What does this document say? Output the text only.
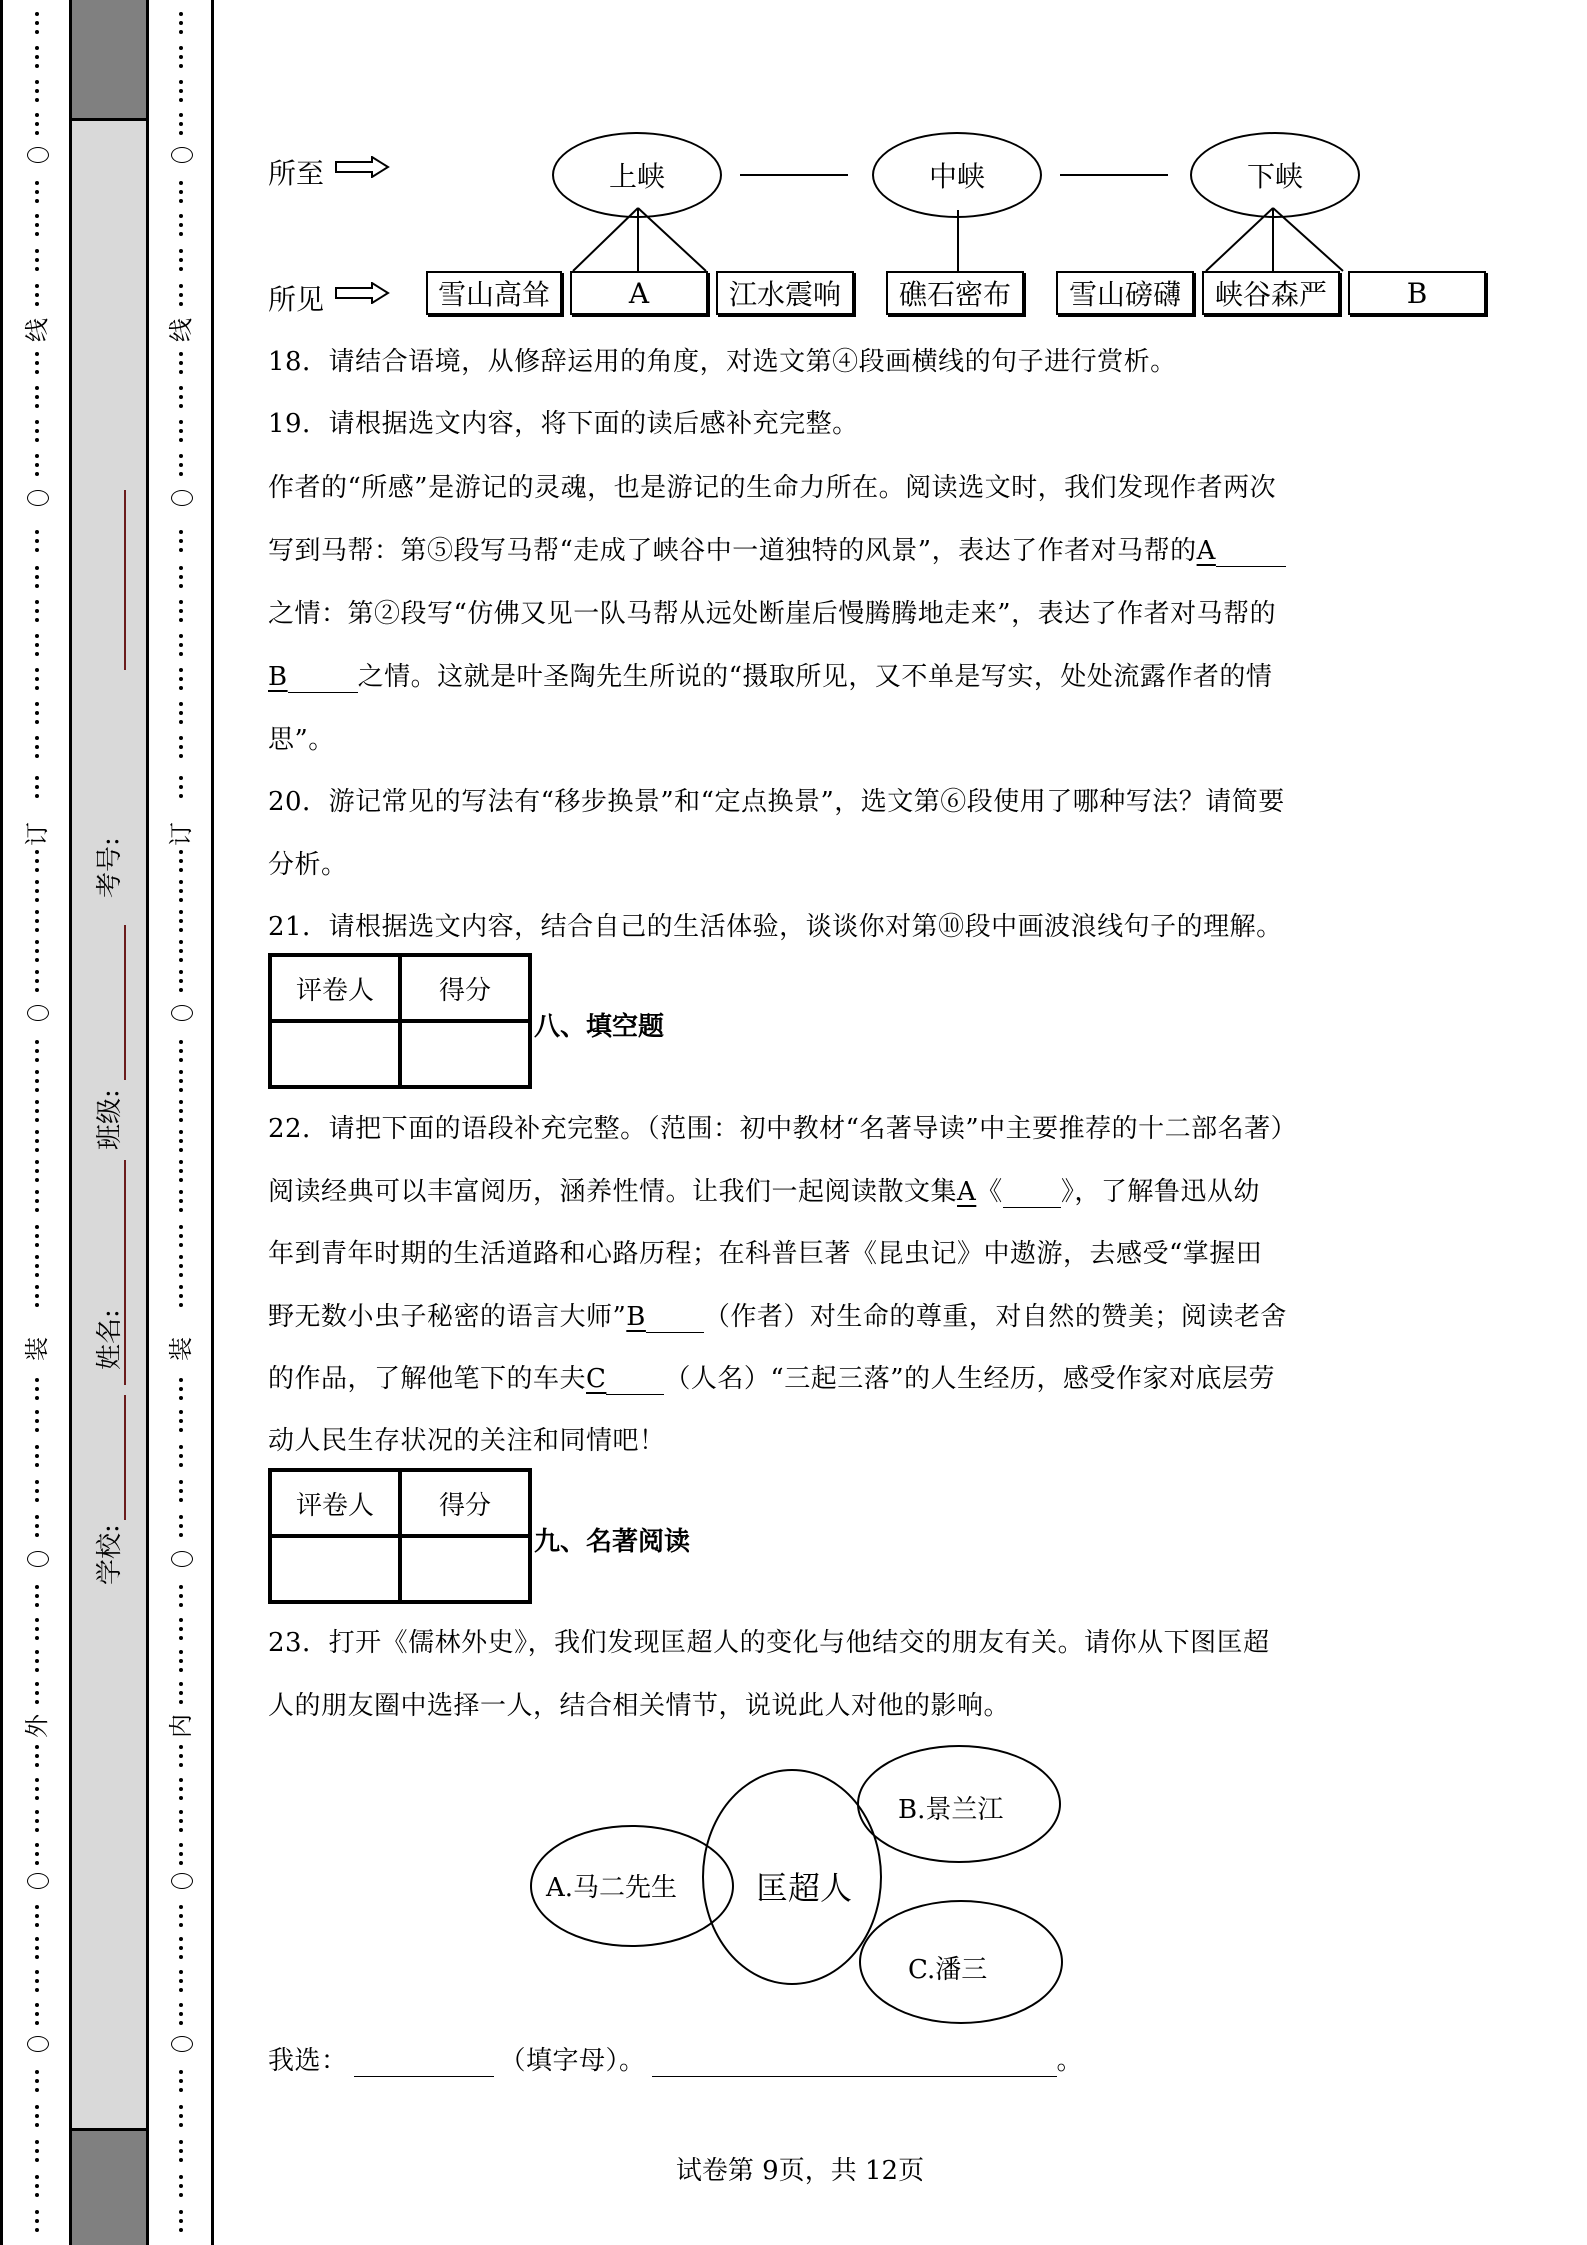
线
订
装
外
考号:
班级:
姓名:
学校:
线
订
装
内
所至
所见
上峡	中峡	下峡
雪山高耸	A	江水震响	礁石密布	雪山磅礴	峡谷森严	B
18．请结合语境，从修辞运用的角度，对选文第④段画横线的句子进行赏析。
19．请根据选文内容，将下面的读后感补充完整。
作者的“所感”是游记的灵魂，也是游记的生命力所在。阅读选文时，我们发现作者两次
写到马帮：第⑤段写马帮“走成了峡谷中一道独特的风景”，表达了作者对马帮的A
之情：第②段写“仿佛又见一队马帮从远处断崖后慢腾腾地走来”，表达了作者对马帮的
B	之情。这就是叶圣陶先生所说的“摄取所见，又不单是写实，处处流露作者的情
思”。
20．游记常见的写法有“移步换景”和“定点换景”，选文第⑥段使用了哪种写法？请简要
分析。
21．请根据选文内容，结合自己的生活体验，谈谈你对第⑩段中画波浪线句子的理解。
22．请把下面的语段补充完整。（范围：初中教材“名著导读”中主要推荐的十二部名著）
阅读经典可以丰富阅历，涵养性情。让我们一起阅读散文集A《 》，了解鲁迅从幼
年到青年时期的生活道路和心路历程；在科普巨著《昆虫记》中遨游，去感受“掌握田
野无数小虫子秘密的语言大师”B （作者）对生命的尊重，对自然的赞美；阅读老舍
的作品，了解他笔下的车夫C （人名）“三起三落”的人生经历，感受作家对底层劳
动人民生存状况的关注和同情吧！
23．打开《儒林外史》，我们发现匡超人的变化与他结交的朋友有关。请你从下图匡超
人的朋友圈中选择一人，结合相关情节，说说此人对他的影响。
我选：	（填字母）。	。
评卷人	得分

八、填空题
评卷人	得分

九、名著阅读
A.马二先生 匡超人
B.景兰江
C.潘三
试卷第 9页，共 12页
